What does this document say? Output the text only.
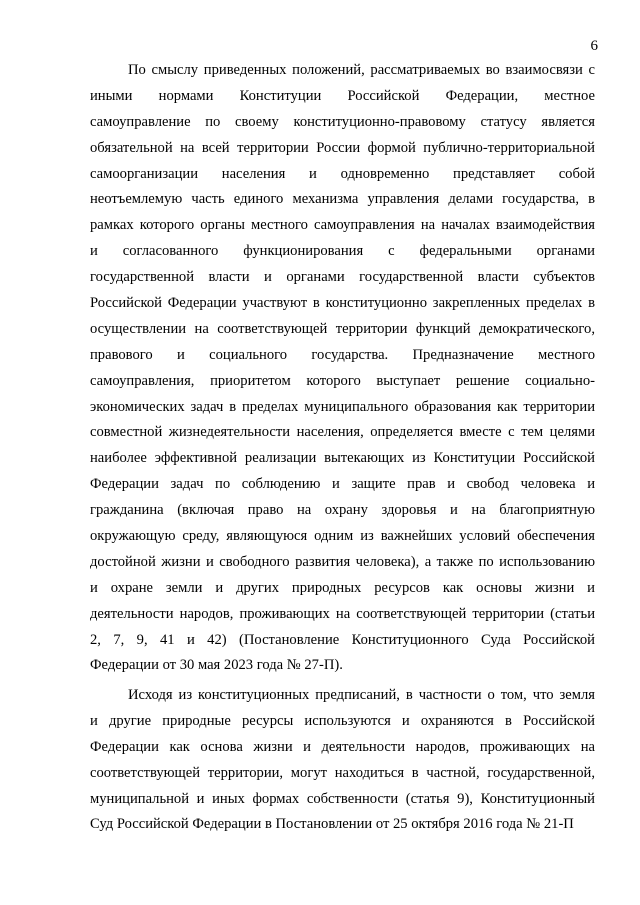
6
По смыслу приведенных положений, рассматриваемых во взаимосвязи с
иными нормами Конституции Российской Федерации, местное
самоуправление по своему конституционно-правовому статусу является
обязательной на всей территории России формой публично-территориальной
самоорганизации населения и одновременно представляет собой
неотъемлемую часть единого механизма управления делами государства, в
рамках которого органы местного самоуправления на началах взаимодействия
и согласованного функционирования с федеральными органами
государственной власти и органами государственной власти субъектов
Российской Федерации участвуют в конституционно закрепленных пределах в
осуществлении на соответствующей территории функций демократического,
правового и социального государства. Предназначение местного
самоуправления, приоритетом которого выступает решение социально-
экономических задач в пределах муниципального образования как территории
совместной жизнедеятельности населения, определяется вместе с тем целями
наиболее эффективной реализации вытекающих из Конституции Российской
Федерации задач по соблюдению и защите прав и свобод человека и
гражданина (включая право на охрану здоровья и на благоприятную
окружающую среду, являющуюся одним из важнейших условий обеспечения
достойной жизни и свободного развития человека), а также по использованию
и охране земли и других природных ресурсов как основы жизни и
деятельности народов, проживающих на соответствующей территории (статьи
2, 7, 9, 41 и 42) (Постановление Конституционного Суда Российской
Федерации от 30 мая 2023 года № 27-П).
Исходя из конституционных предписаний, в частности о том, что земля
и другие природные ресурсы используются и охраняются в Российской
Федерации как основа жизни и деятельности народов, проживающих на
соответствующей территории, могут находиться в частной, государственной,
муниципальной и иных формах собственности (статья 9), Конституционный
Суд Российской Федерации в Постановлении от 25 октября 2016 года № 21-П
